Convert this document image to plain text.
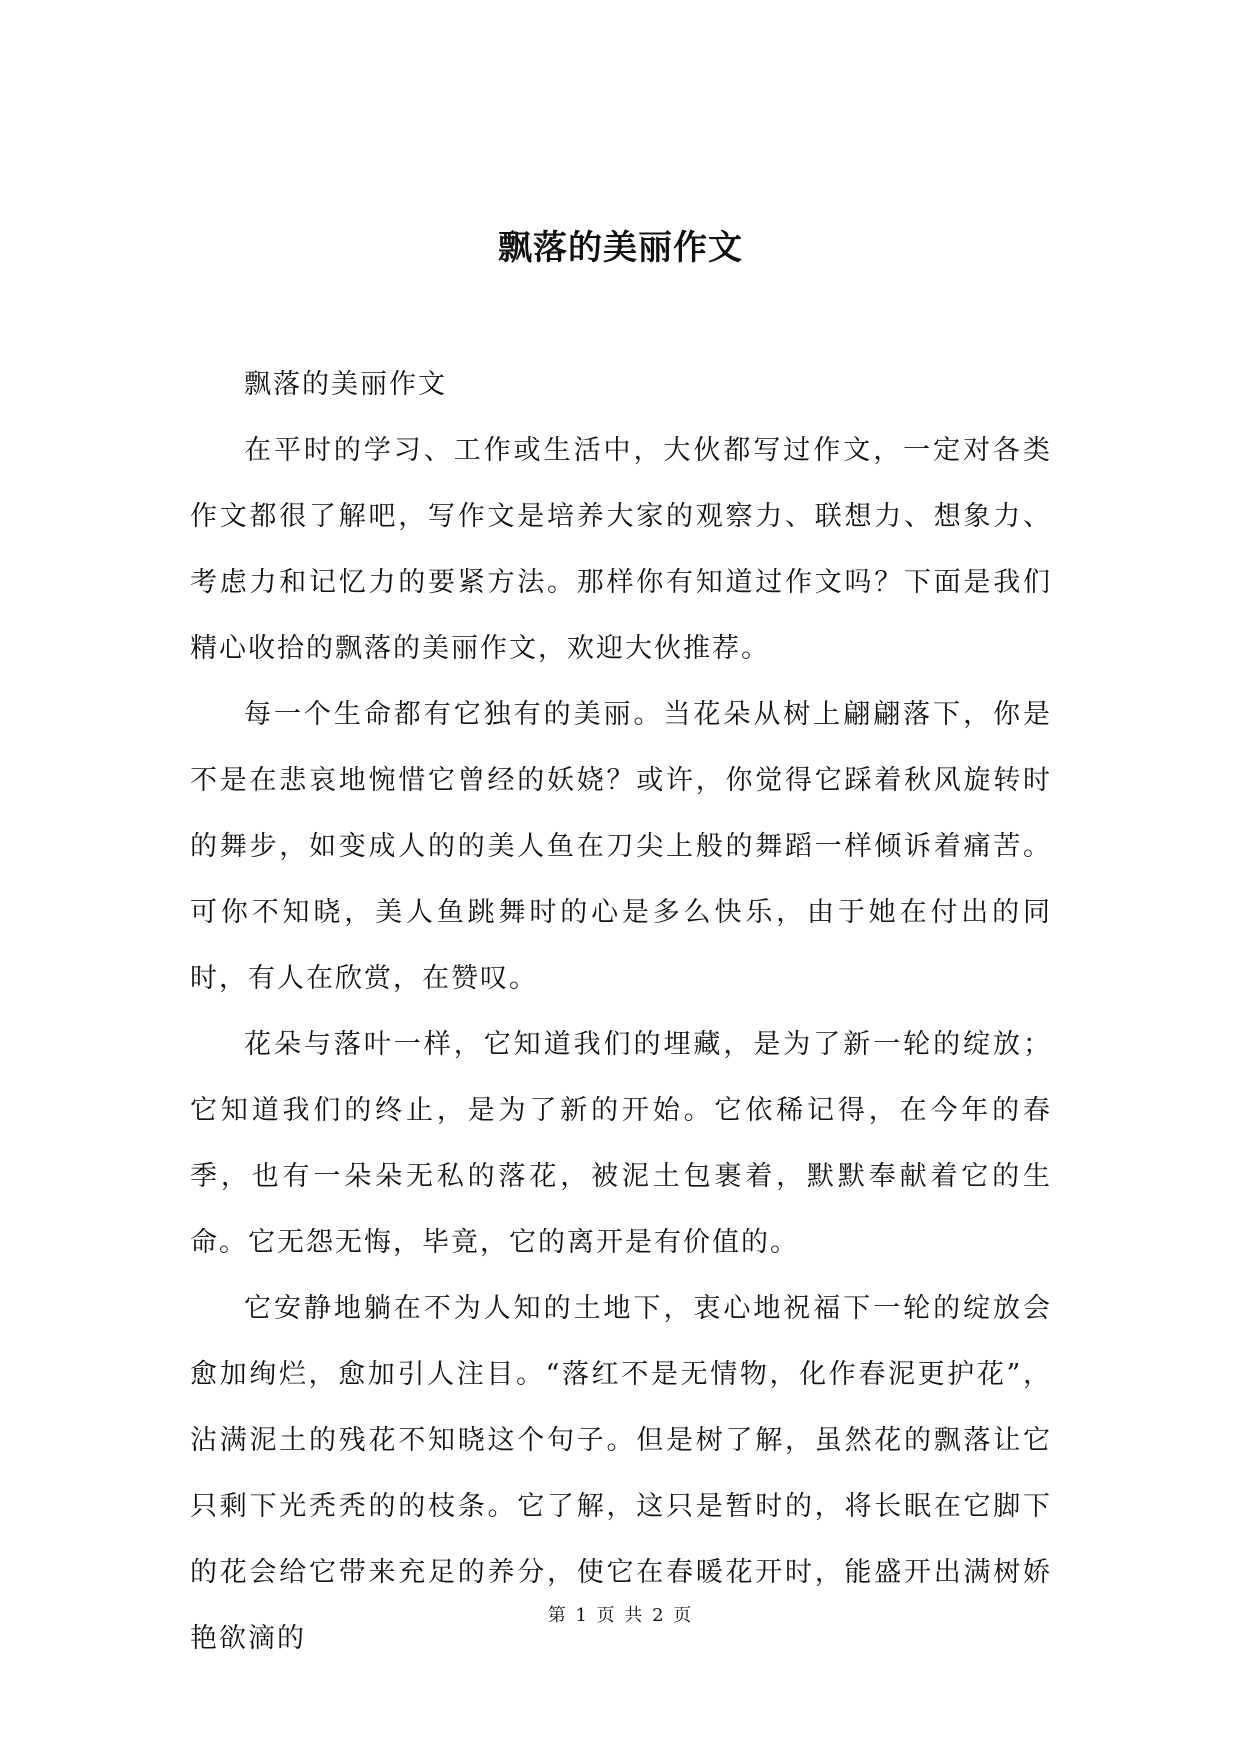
飘落的美丽作文

飘落的美丽作文

在平时的学习、工作或生活中，大伙都写过作文，一定对各类作文都很了解吧，写作文是培养大家的观察力、联想力、想象力、考虑力和记忆力的要紧方法。那样你有知道过作文吗？下面是我们精心收拾的飘落的美丽作文，欢迎大伙推荐。

每一个生命都有它独有的美丽。当花朵从树上翩翩落下，你是不是在悲哀地惋惜它曾经的妖娆？或许，你觉得它踩着秋风旋转时的舞步，如变成人的的美人鱼在刀尖上般的舞蹈一样倾诉着痛苦。可你不知晓，美人鱼跳舞时的心是多么快乐，由于她在付出的同时，有人在欣赏，在赞叹。

花朵与落叶一样，它知道我们的埋藏，是为了新一轮的绽放；它知道我们的终止，是为了新的开始。它依稀记得，在今年的春季，也有一朵朵无私的落花，被泥土包裹着，默默奉献着它的生命。它无怨无悔，毕竟，它的离开是有价值的。

它安静地躺在不为人知的土地下，衷心地祝福下一轮的绽放会愈加绚烂，愈加引人注目。“落红不是无情物，化作春泥更护花”，沾满泥土的残花不知晓这个句子。但是树了解，虽然花的飘落让它只剩下光秃秃的的枝条。它了解，这只是暂时的，将长眠在它脚下的花会给它带来充足的养分，使它在春暖花开时，能盛开出满树娇艳欲滴的

第 1 页 共 2 页
